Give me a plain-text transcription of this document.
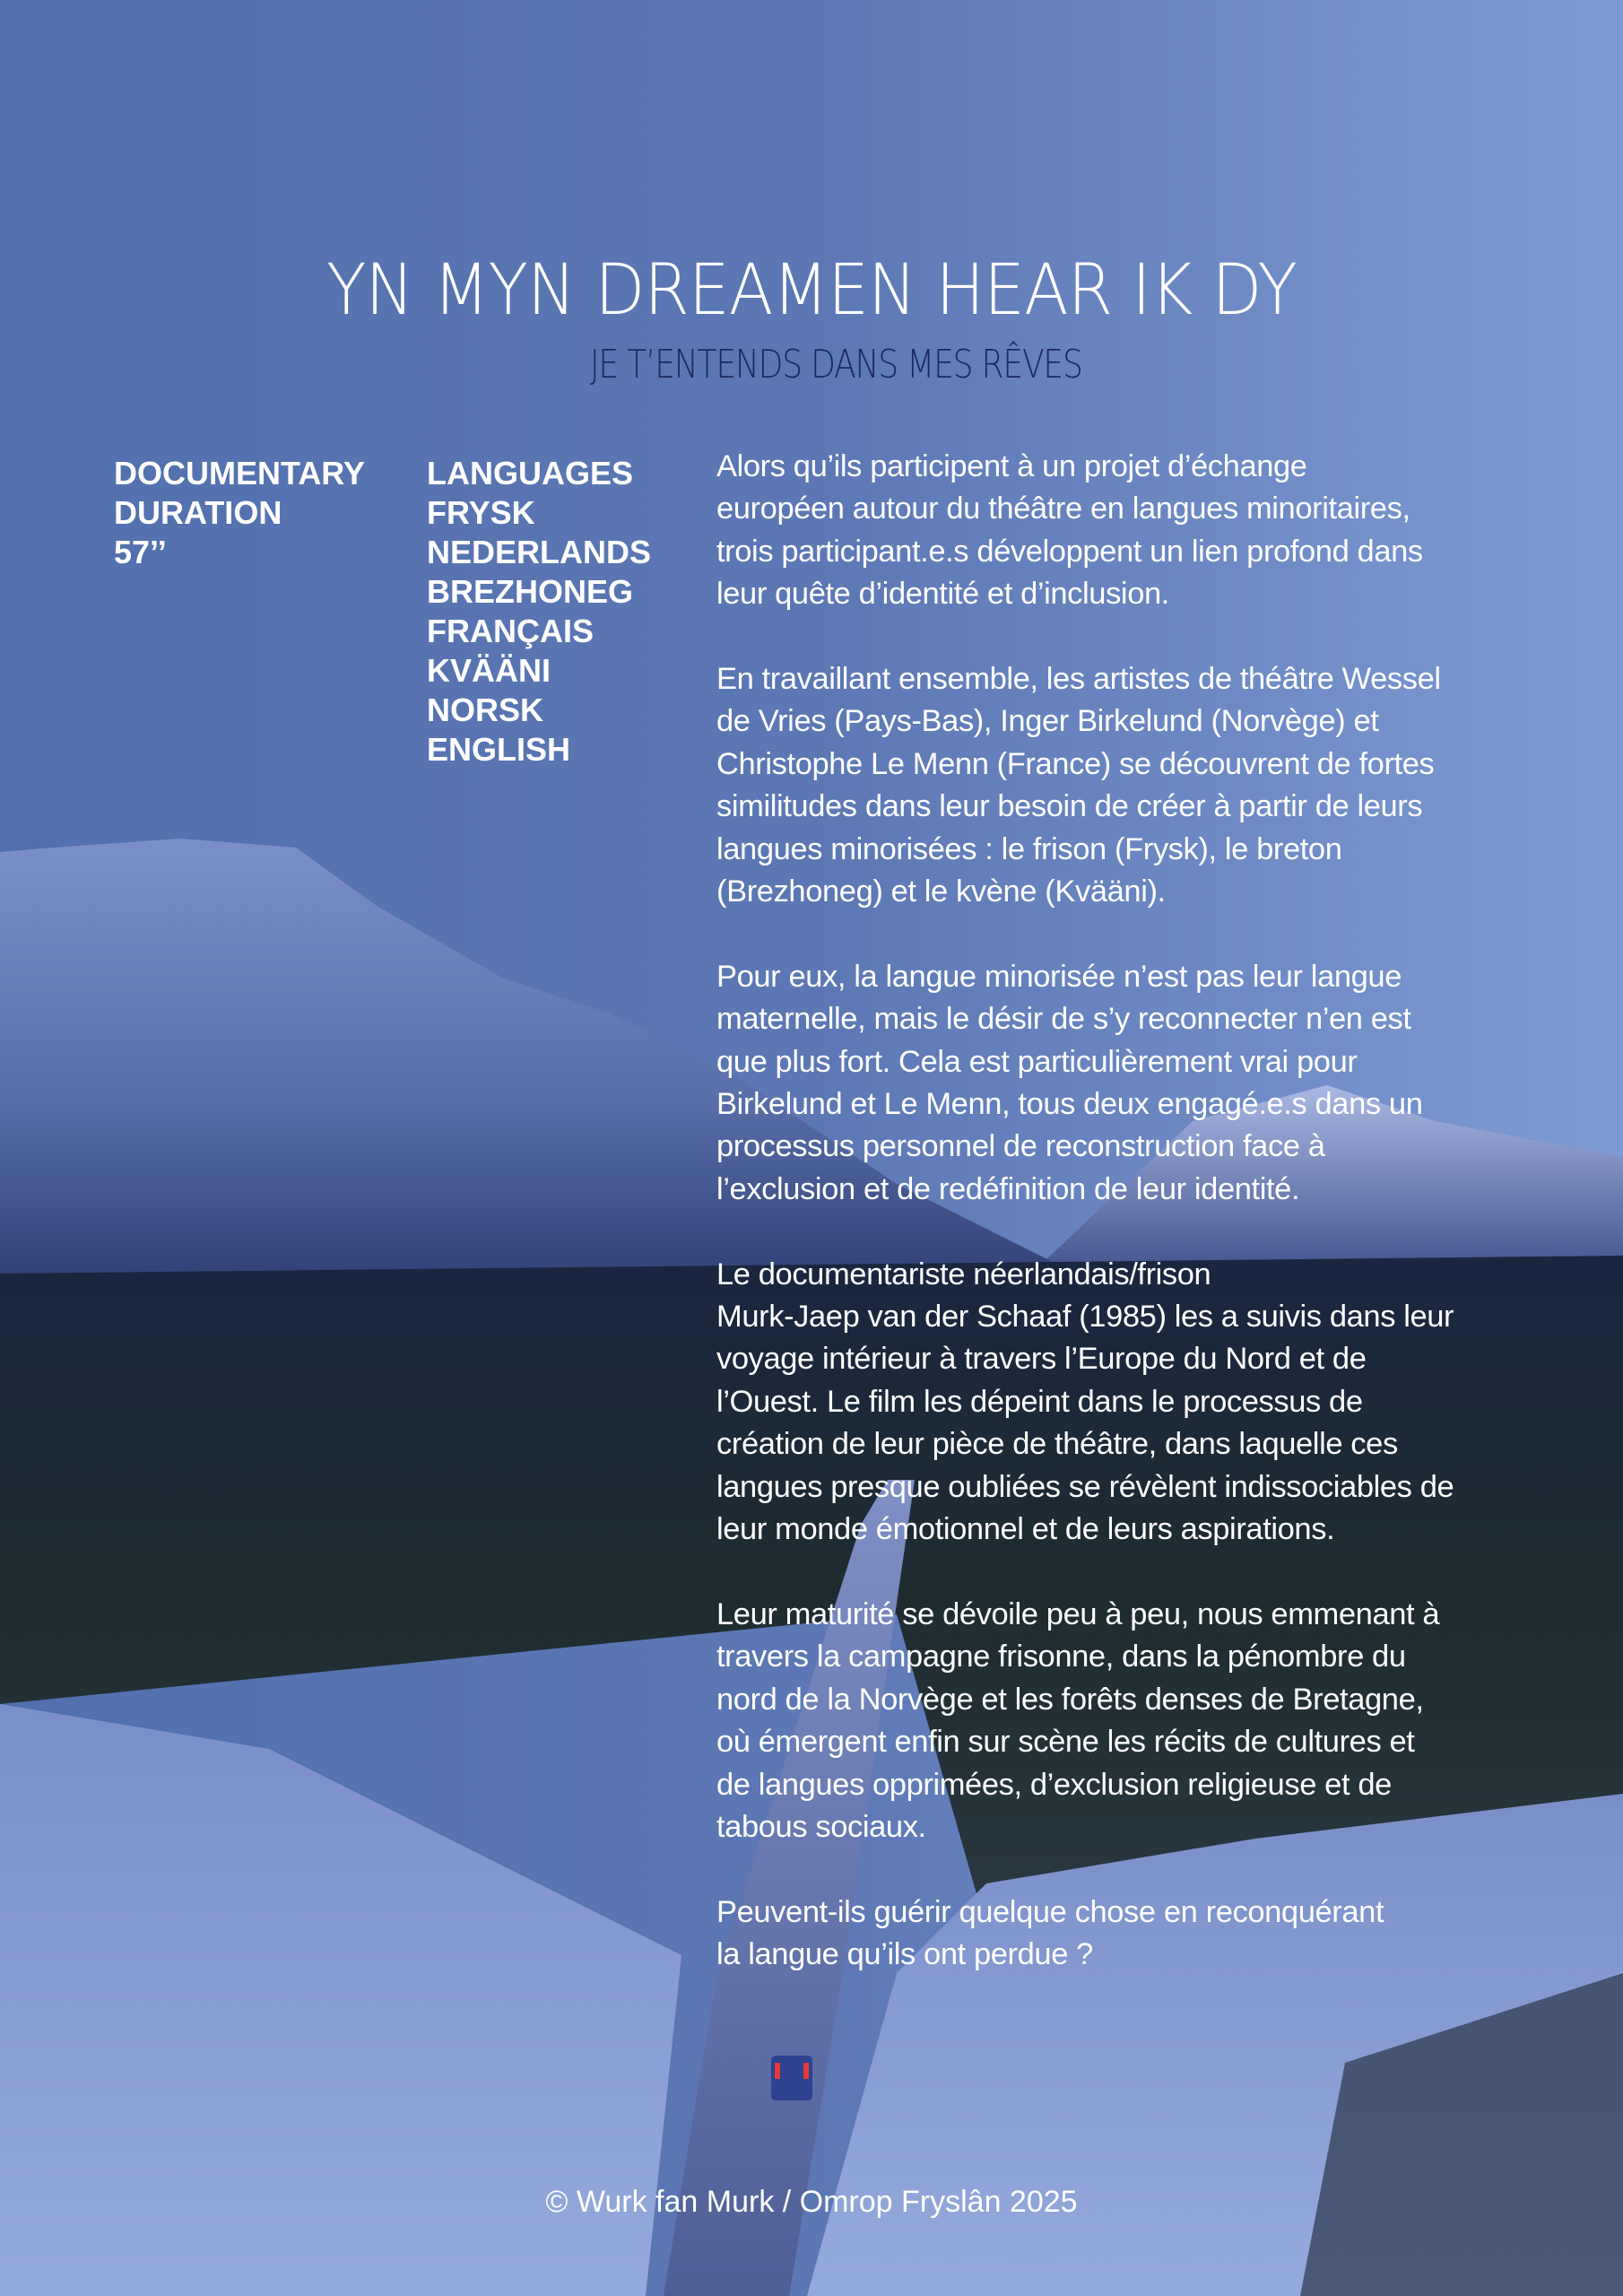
YN MYN DREAMEN HEAR IK DY
JE T’ENTENDS DANS MES RÊVES
DOCUMENTARY
DURATION
57’’
LANGUAGES
FRYSK
NEDERLANDS
BREZHONEG
FRANÇAIS
KVÄÄNI
NORSK
ENGLISH

Alors qu’ils participent à un projet d’échange
européen autour du théâtre en langues minoritaires,
trois participant.e.s développent un lien profond dans
leur quête d’identité et d’inclusion.

En travaillant ensemble, les artistes de théâtre Wessel
de Vries (Pays-Bas), Inger Birkelund (Norvège) et
Christophe Le Menn (France) se découvrent de fortes
similitudes dans leur besoin de créer à partir de leurs
langues minorisées : le frison (Frysk), le breton
(Brezhoneg) et le kvène (Kvääni).

Pour eux, la langue minorisée n’est pas leur langue
maternelle, mais le désir de s’y reconnecter n’en est
que plus fort. Cela est particulièrement vrai pour
Birkelund et Le Menn, tous deux engagé.e.s dans un
processus personnel de reconstruction face à
l’exclusion et de redéfinition de leur identité.

Le documentariste néerlandais/frison
Murk-Jaep van der Schaaf (1985) les a suivis dans leur
voyage intérieur à travers l’Europe du Nord et de
l’Ouest. Le film les dépeint dans le processus de
création de leur pièce de théâtre, dans laquelle ces
langues presque oubliées se révèlent indissociables de
leur monde émotionnel et de leurs aspirations.

Leur maturité se dévoile peu à peu, nous emmenant à
travers la campagne frisonne, dans la pénombre du
nord de la Norvège et les forêts denses de Bretagne,
où émergent enfin sur scène les récits de cultures et
de langues opprimées, d’exclusion religieuse et de
tabous sociaux.

Peuvent-ils guérir quelque chose en reconquérant
la langue qu’ils ont perdue ?

© Wurk fan Murk / Omrop Fryslân 2025
